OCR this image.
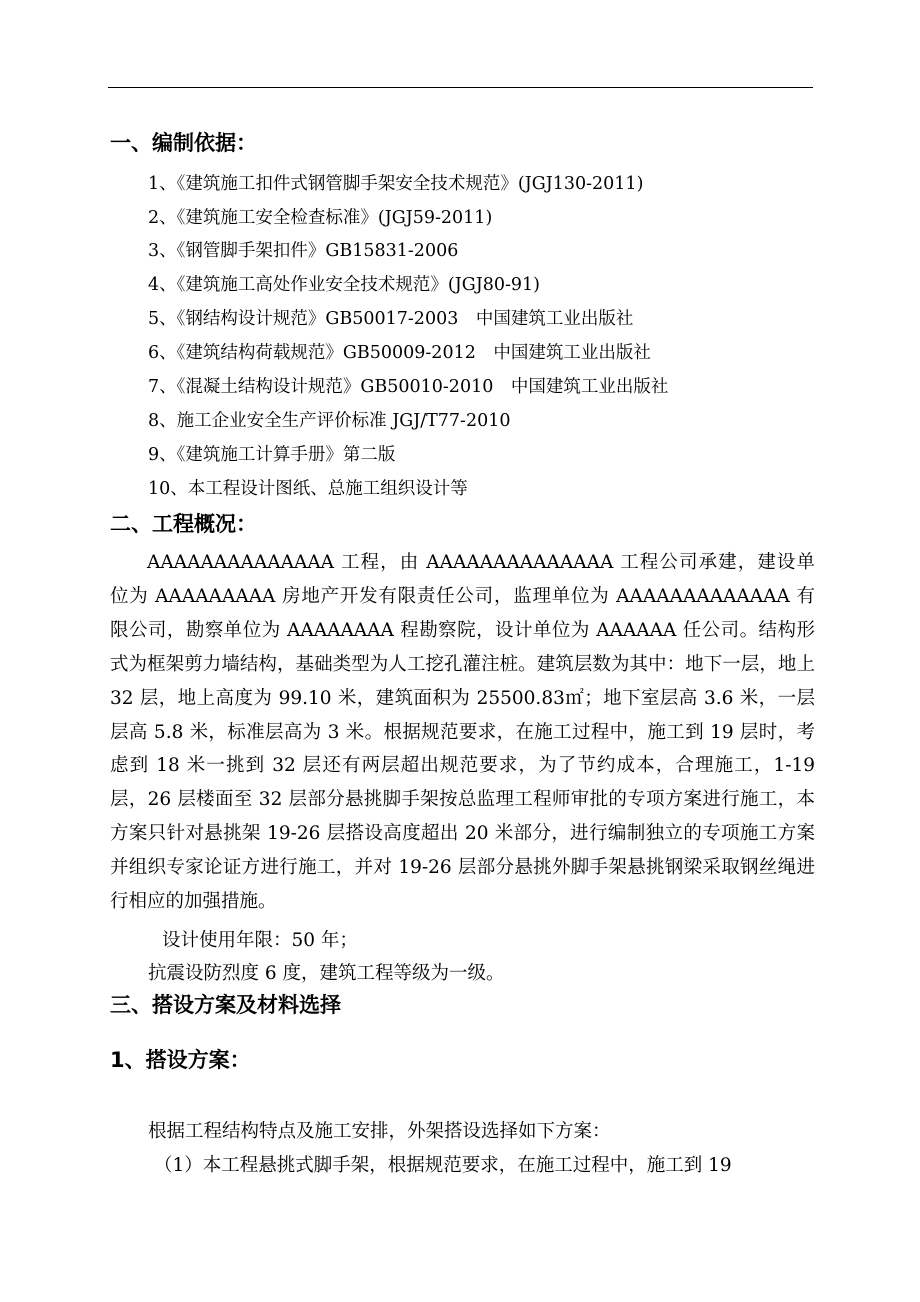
一、编制依据：
1、《建筑施工扣件式钢管脚手架安全技术规范》(JGJ130-2011)
2、《建筑施工安全检查标准》(JGJ59-2011)
3、《钢管脚手架扣件》GB15831-2006
4、《建筑施工高处作业安全技术规范》(JGJ80-91)
5、《钢结构设计规范》GB50017-2003　中国建筑工业出版社
6、《建筑结构荷载规范》GB50009-2012　中国建筑工业出版社
7、《混凝土结构设计规范》GB50010-2010　中国建筑工业出版社
8、施工企业安全生产评价标准 JGJ/T77-2010
9、《建筑施工计算手册》第二版
10、本工程设计图纸、总施工组织设计等
二、工程概况：

AAAAAAAAAAAAAA 工程，由 AAAAAAAAAAAAAA 工程公司承建，建设单位为 AAAAAAAAA 房地产开发有限责任公司，监理单位为 AAAAAAAAAAAAA 有限公司，勘察单位为 AAAAAAAA 程勘察院，设计单位为 AAAAAA 任公司。结构形式为框架剪力墙结构，基础类型为人工挖孔灌注桩。建筑层数为其中：地下一层，地上 32 层，地上高度为 99.10 米，建筑面积为 25500.83㎡；地下室层高 3.6 米，一层层高 5.8 米，标准层高为 3 米。根据规范要求，在施工过程中，施工到 19 层时，考虑到 18 米一挑到 32 层还有两层超出规范要求，为了节约成本，合理施工，1-19 层，26 层楼面至 32 层部分悬挑脚手架按总监理工程师审批的专项方案进行施工，本方案只针对悬挑架 19-26 层搭设高度超出 20 米部分，进行编制独立的专项施工方案并组织专家论证方进行施工，并对 19-26 层部分悬挑外脚手架悬挑钢梁采取钢丝绳进行相应的加强措施。

设计使用年限：50 年；
抗震设防烈度 6 度，建筑工程等级为一级。
三、搭设方案及材料选择
1、搭设方案：
根据工程结构特点及施工安排，外架搭设选择如下方案：
（1）本工程悬挑式脚手架，根据规范要求，在施工过程中，施工到 19
